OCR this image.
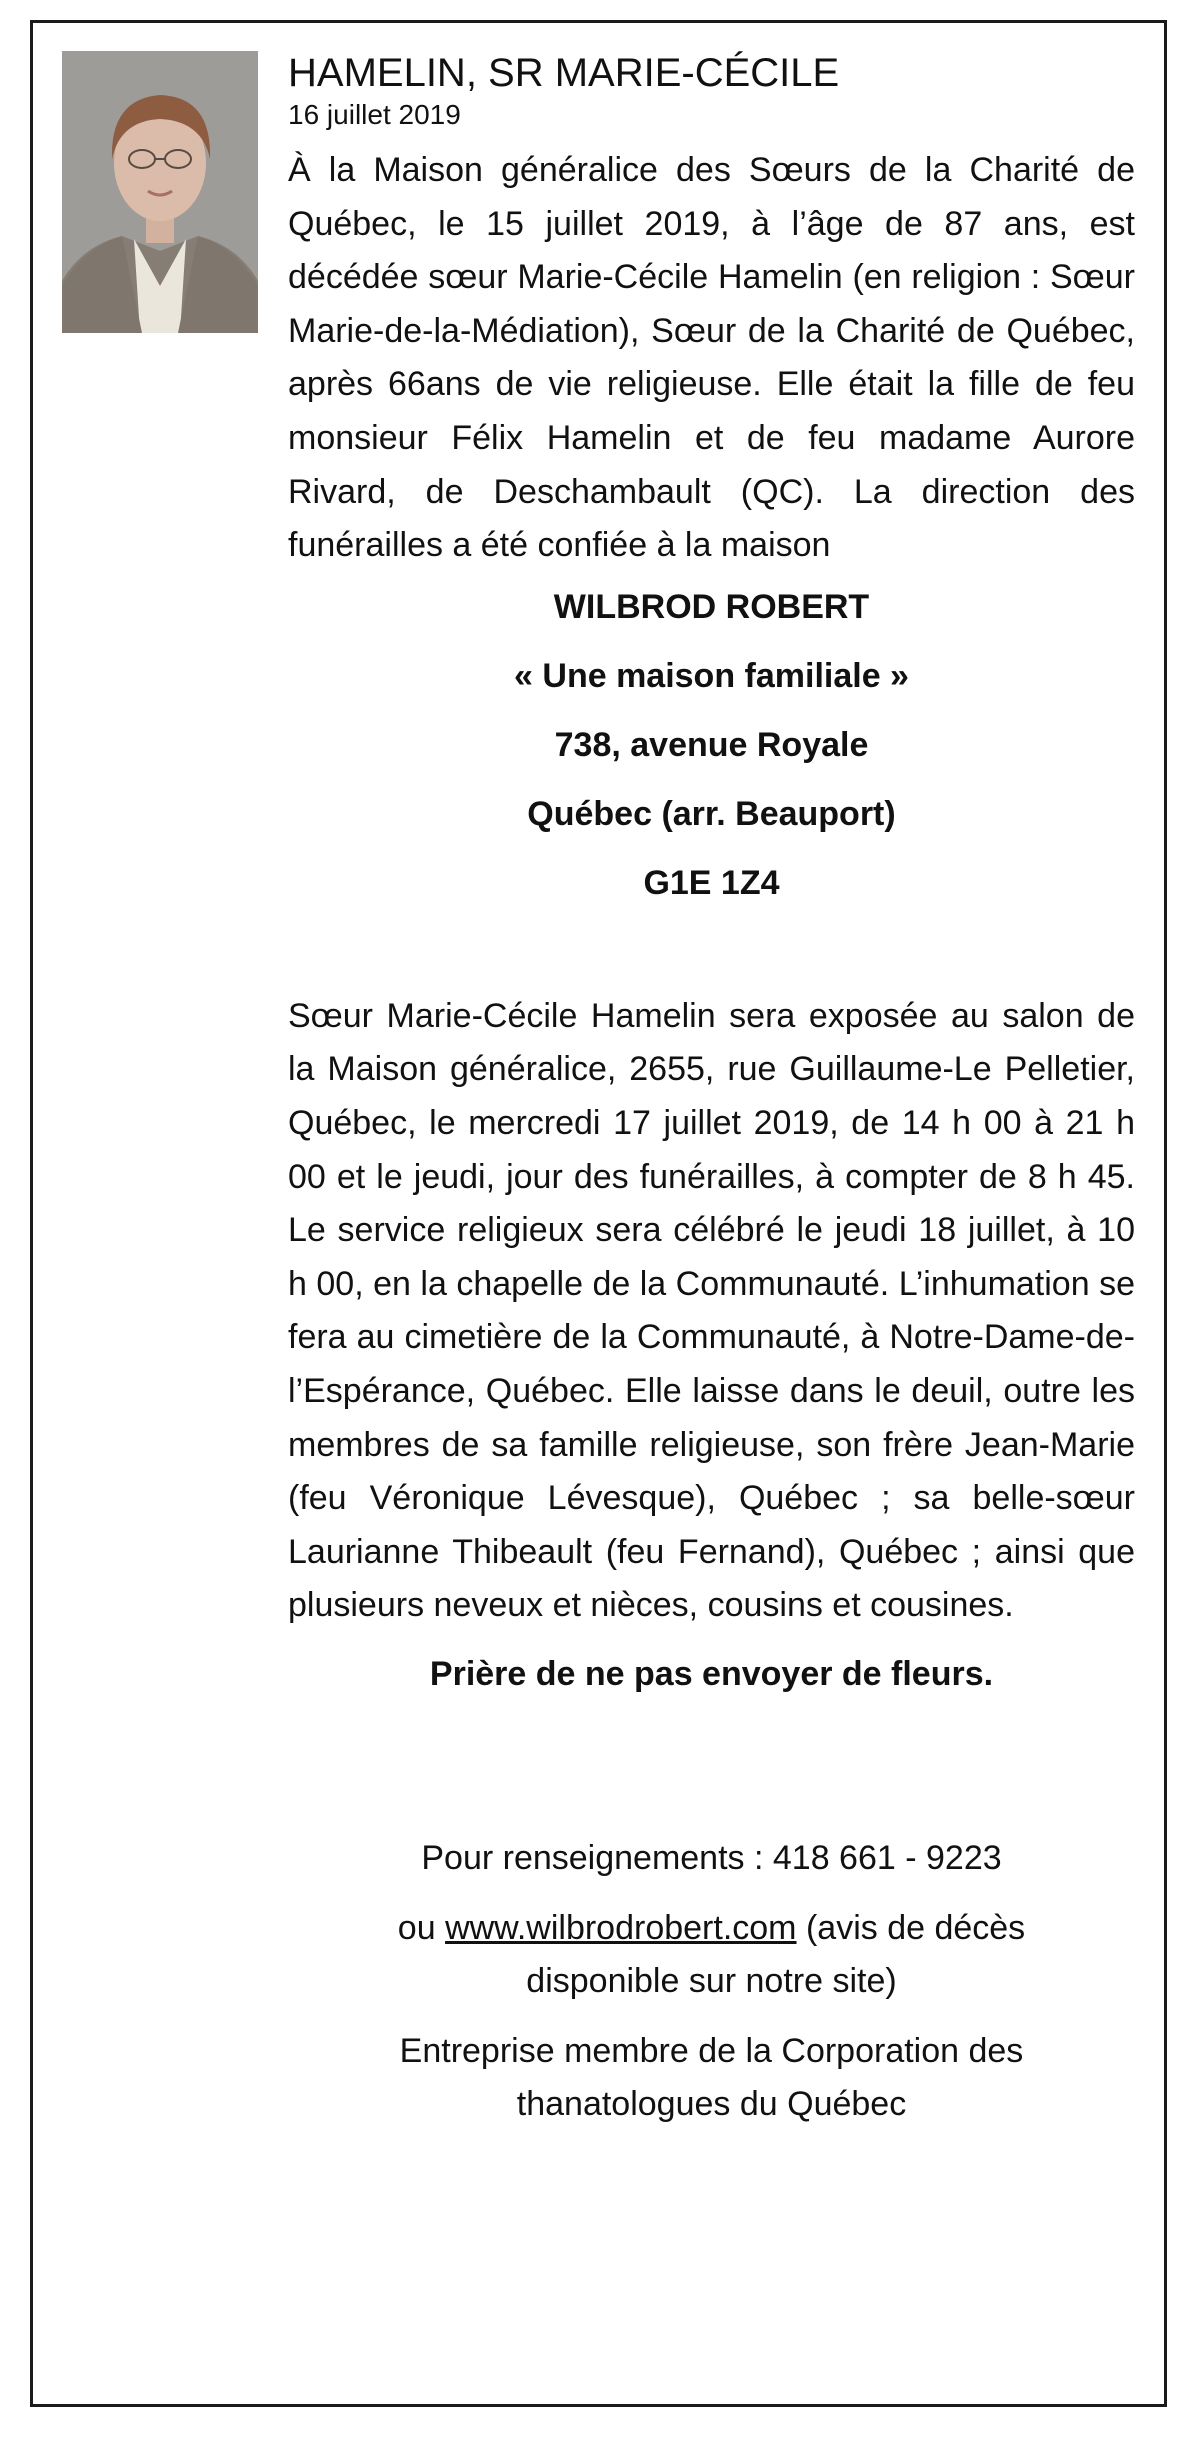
HAMELIN, SR MARIE-CÉCILE

16 juillet 2019

À la Maison généralice des Sœurs de la Charité de Québec, le 15 juillet 2019, à l’âge de 87 ans, est décédée sœur Marie-Cécile Hamelin (en religion : Sœur Marie-de-la-Médiation), Sœur de la Charité de Québec, après 66ans de vie religieuse. Elle était la fille de feu monsieur Félix Hamelin et de feu madame Aurore Rivard, de Deschambault (QC). La direction des funérailles a été confiée à la maison

WILBROD ROBERT

« Une maison familiale »

738, avenue Royale

Québec (arr. Beauport)

G1E 1Z4

Sœur Marie-Cécile Hamelin sera exposée au salon de la Maison généralice, 2655, rue Guillaume-Le Pelletier, Québec, le mercredi 17 juillet 2019, de 14 h 00 à 21 h 00 et le jeudi, jour des funérailles, à compter de 8 h 45. Le service religieux sera célébré le jeudi 18 juillet, à 10 h 00, en la chapelle de la Communauté. L’inhumation se fera au cimetière de la Communauté, à Notre-Dame-de-l’Espérance, Québec. Elle laisse dans le deuil, outre les membres de sa famille religieuse, son frère Jean-Marie (feu Véronique Lévesque), Québec ; sa belle-sœur Laurianne Thibeault (feu Fernand), Québec ; ainsi que plusieurs neveux et nièces, cousins et cousines.

Prière de ne pas envoyer de fleurs.

Pour renseignements : 418 661 - 9223

ou www.wilbrodrobert.com (avis de décès

disponible sur notre site)

Entreprise membre de la Corporation des

thanatologues du Québec
